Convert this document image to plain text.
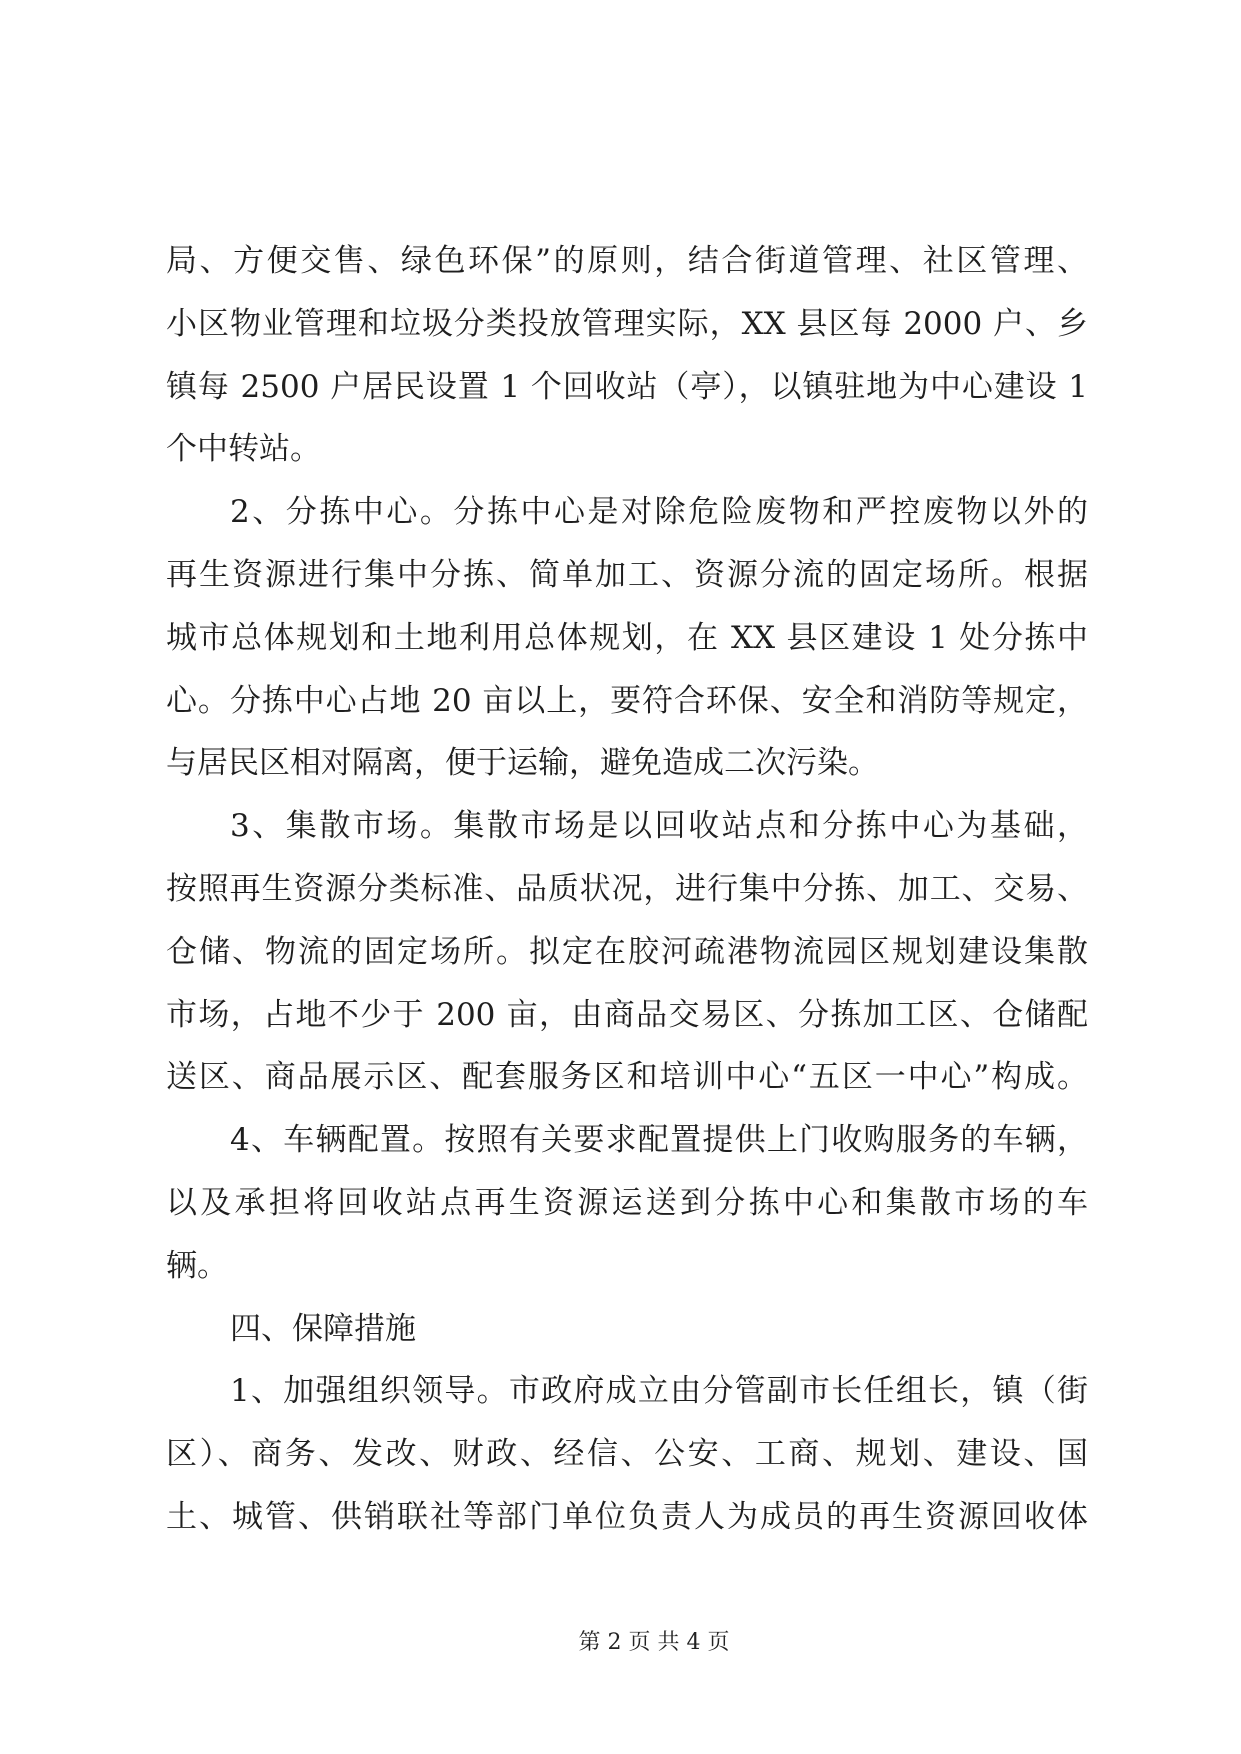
局、方便交售、绿色环保”的原则，结合街道管理、社区管理、
小区物业管理和垃圾分类投放管理实际，XX 县区每 2000 户、乡
镇每 2500 户居民设置 1 个回收站（亭），以镇驻地为中心建设 1
个中转站。
2、分拣中心。分拣中心是对除危险废物和严控废物以外的
再生资源进行集中分拣、简单加工、资源分流的固定场所。根据
城市总体规划和土地利用总体规划，在 XX 县区建设 1 处分拣中
心。分拣中心占地 20 亩以上，要符合环保、安全和消防等规定，
与居民区相对隔离，便于运输，避免造成二次污染。
3、集散市场。集散市场是以回收站点和分拣中心为基础，
按照再生资源分类标准、品质状况，进行集中分拣、加工、交易、
仓储、物流的固定场所。拟定在胶河疏港物流园区规划建设集散
市场，占地不少于 200 亩，由商品交易区、分拣加工区、仓储配
送区、商品展示区、配套服务区和培训中心“五区一中心”构成。
4、车辆配置。按照有关要求配置提供上门收购服务的车辆，
以及承担将回收站点再生资源运送到分拣中心和集散市场的车
辆。
四、保障措施
1、加强组织领导。市政府成立由分管副市长任组长，镇（街
区）、商务、发改、财政、经信、公安、工商、规划、建设、国
土、城管、供销联社等部门单位负责人为成员的再生资源回收体
第 2 页 共 4 页
